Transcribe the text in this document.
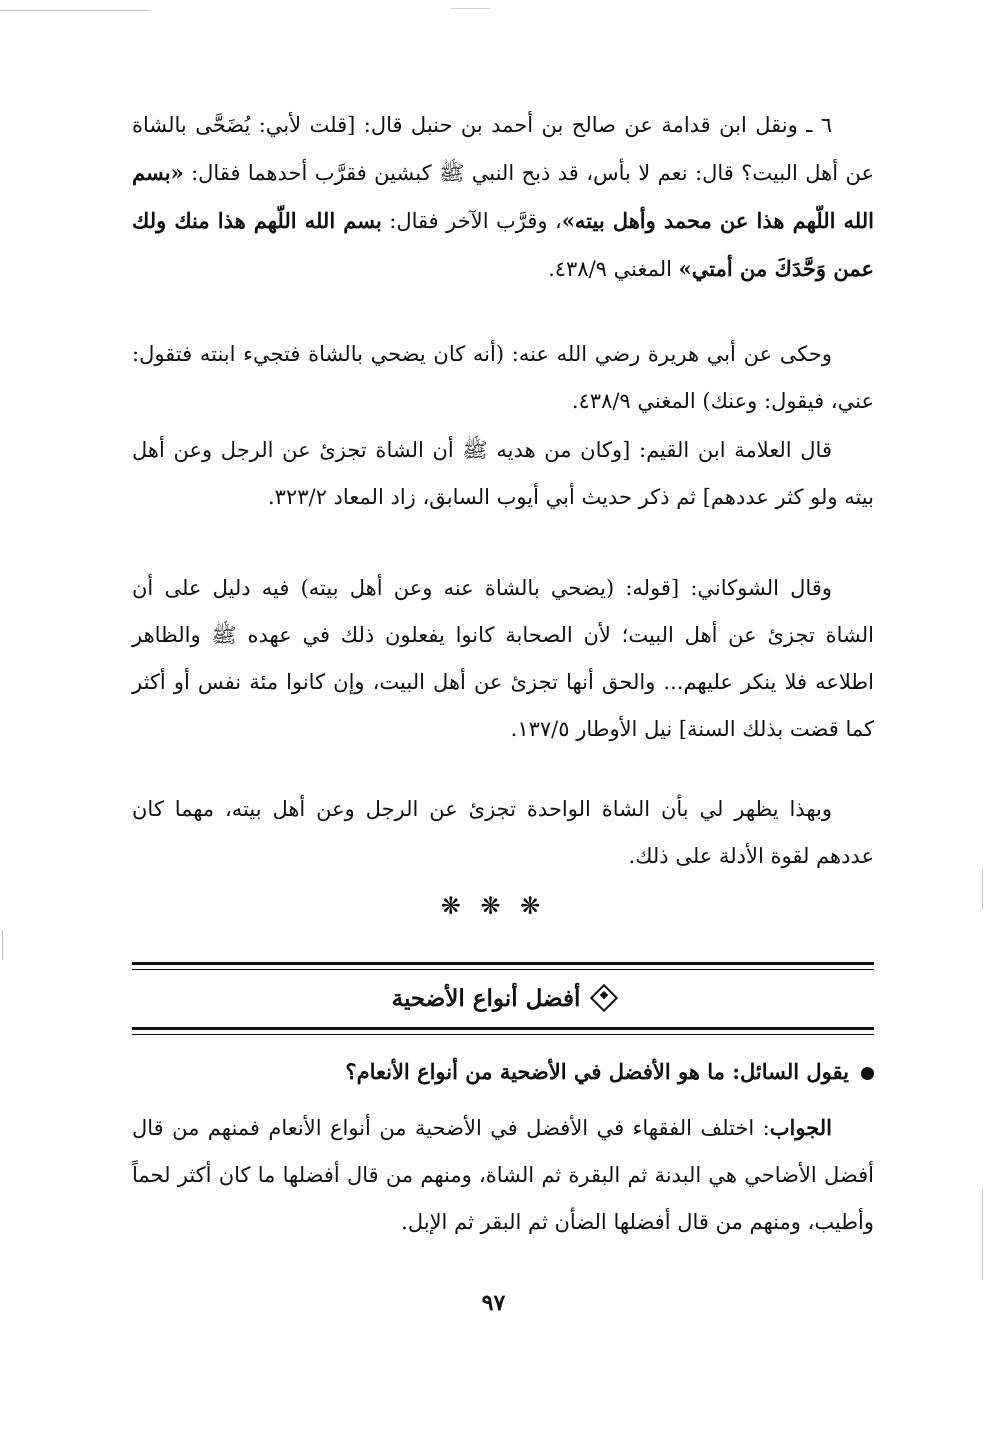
٦ ـ ونقل ابن قدامة عن صالح بن أحمد بن حنبل قال: [قلت لأبي: يُضَحَّى بالشاة عن أهل البيت؟ قال: نعم لا بأس، قد ذبح النبي ﷺ كبشين فقرَّب أحدهما فقال: «بسم الله اللّهم هذا عن محمد وأهل بيته»، وقرَّب الآخر فقال: بسم الله اللّهم هذا منك ولك عمن وَحَّدَكَ من أمتي» المغني ٤٣٨/٩.

وحكى عن أبي هريرة رضي الله عنه: (أنه كان يضحي بالشاة فتجيء ابنته فتقول: عني، فيقول: وعنك) المغني ٤٣٨/٩.

قال العلامة ابن القيم: [وكان من هديه ﷺ أن الشاة تجزئ عن الرجل وعن أهل بيته ولو كثر عددهم] ثم ذكر حديث أبي أيوب السابق، زاد المعاد ٣٢٣/٢.

وقال الشوكاني: [قوله: (يضحي بالشاة عنه وعن أهل بيته) فيه دليل على أن الشاة تجزئ عن أهل البيت؛ لأن الصحابة كانوا يفعلون ذلك في عهده ﷺ والظاهر اطلاعه فلا ينكر عليهم... والحق أنها تجزئ عن أهل البيت، وإن كانوا مئة نفس أو أكثر كما قضت بذلك السنة] نيل الأوطار ١٣٧/٥.

وبهذا يظهر لي بأن الشاة الواحدة تجزئ عن الرجل وعن أهل بيته، مهما كان عددهم لقوة الأدلة على ذلك.

❋ ❋ ❋
أفضل أنواع الأضحية
يقول السائل: ما هو الأفضل في الأضحية من أنواع الأنعام؟

الجواب: اختلف الفقهاء في الأفضل في الأضحية من أنواع الأنعام فمنهم من قال أفضل الأضاحي هي البدنة ثم البقرة ثم الشاة، ومنهم من قال أفضلها ما كان أكثر لحماً وأطيب، ومنهم من قال أفضلها الضأن ثم البقر ثم الإبل.

٩٧
